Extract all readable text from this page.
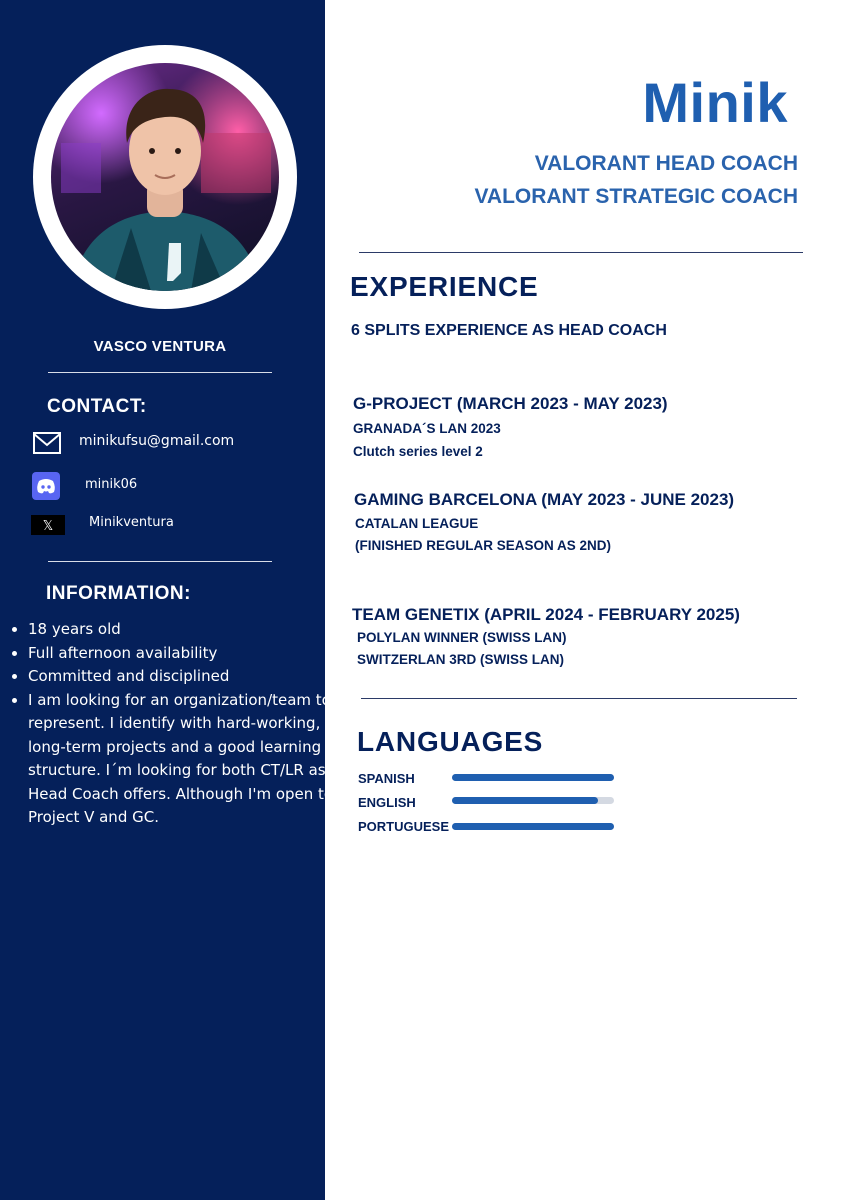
VASCO VENTURA
CONTACT:
minikufsu@gmail.com
minik06
𝕏	Minikventura
INFORMATION:
• 18 years old
• Full afternoon availability
• Committed and disciplined
• I am looking for an organization/team to represent. I identify with hard-working, long-term projects and a good learning structure. I´m looking for both CT/LR as Head Coach offers. Although I'm open to Project V and GC.
Minik
VALORANT HEAD COACH
VALORANT STRATEGIC COACH
EXPERIENCE
6 SPLITS EXPERIENCE AS HEAD COACH
G-PROJECT (MARCH 2023 - MAY 2023)
GRANADA´S LAN 2023
Clutch series level 2
GAMING BARCELONA (MAY 2023 - JUNE 2023)
CATALAN LEAGUE
(FINISHED REGULAR SEASON AS 2ND)
TEAM GENETIX (APRIL 2024 - FEBRUARY 2025)
POLYLAN WINNER (SWISS LAN)
SWITZERLAN 3RD (SWISS LAN)
LANGUAGES
SPANISH
ENGLISH
PORTUGUESE
